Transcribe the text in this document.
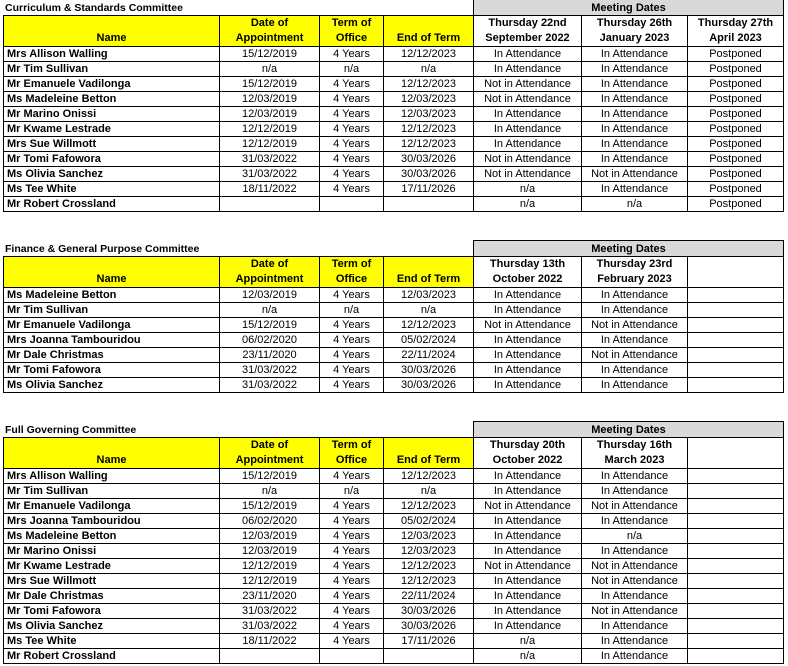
Curriculum & Standards Committee
					Meeting Dates		
	Date of	Term of		Thursday 22nd	Thursday 26th	Thursday 27th
Name	Appointment	Office	End of Term	September 2022	January 2023	April 2023
Mrs Allison Walling	15/12/2019	4 Years	12/12/2023	In Attendance	In Attendance	Postponed
Mr Tim Sullivan	n/a	n/a	n/a	In Attendance	In Attendance	Postponed
Mr Emanuele Vadilonga	15/12/2019	4 Years	12/12/2023	Not in Attendance	In Attendance	Postponed
Ms Madeleine Betton	12/03/2019	4 Years	12/03/2023	Not in Attendance	In Attendance	Postponed
Mr Marino Onissi	12/03/2019	4 Years	12/03/2023	In Attendance	In Attendance	Postponed
Mr Kwame Lestrade	12/12/2019	4 Years	12/12/2023	In Attendance	In Attendance	Postponed
Mrs Sue Willmott	12/12/2019	4 Years	12/12/2023	In Attendance	In Attendance	Postponed
Mr Tomi Fafowora	31/03/2022	4 Years	30/03/2026	Not in Attendance	In Attendance	Postponed
Ms Olivia Sanchez	31/03/2022	4 Years	30/03/2026	Not in Attendance	Not in Attendance	Postponed
Ms Tee White	18/11/2022	4 Years	17/11/2026	n/a	In Attendance	Postponed
Mr Robert Crossland				n/a	n/a	Postponed
Finance & General Purpose Committee
					Meeting Dates		
	Date of	Term of		Thursday 13th	Thursday 23rd	
Name	Appointment	Office	End of Term	October 2022	February 2023	
Ms Madeleine Betton	12/03/2019	4 Years	12/03/2023	In Attendance	In Attendance	
Mr Tim Sullivan	n/a	n/a	n/a	In Attendance	In Attendance	
Mr Emanuele Vadilonga	15/12/2019	4 Years	12/12/2023	Not in Attendance	Not in Attendance	
Mrs Joanna Tambouridou	06/02/2020	4 Years	05/02/2024	In Attendance	In Attendance	
Mr Dale Christmas	23/11/2020	4 Years	22/11/2024	In Attendance	Not in Attendance	
Mr Tomi Fafowora	31/03/2022	4 Years	30/03/2026	In Attendance	In Attendance	
Ms Olivia Sanchez	31/03/2022	4 Years	30/03/2026	In Attendance	In Attendance	
Full Governing Committee
					Meeting Dates		
	Date of	Term of		Thursday 20th	Thursday 16th	
Name	Appointment	Office	End of Term	October 2022	March 2023	
Mrs Allison Walling	15/12/2019	4 Years	12/12/2023	In Attendance	In Attendance	
Mr Tim Sullivan	n/a	n/a	n/a	In Attendance	In Attendance	
Mr Emanuele Vadilonga	15/12/2019	4 Years	12/12/2023	Not in Attendance	Not in Attendance	
Mrs Joanna Tambouridou	06/02/2020	4 Years	05/02/2024	In Attendance	In Attendance	
Ms Madeleine Betton	12/03/2019	4 Years	12/03/2023	In Attendance	n/a	
Mr Marino Onissi	12/03/2019	4 Years	12/03/2023	In Attendance	In Attendance	
Mr Kwame Lestrade	12/12/2019	4 Years	12/12/2023	Not in Attendance	Not in Attendance	
Mrs Sue Willmott	12/12/2019	4 Years	12/12/2023	In Attendance	Not in Attendance	
Mr Dale Christmas	23/11/2020	4 Years	22/11/2024	In Attendance	In Attendance	
Mr Tomi Fafowora	31/03/2022	4 Years	30/03/2026	In Attendance	Not in Attendance	
Ms Olivia Sanchez	31/03/2022	4 Years	30/03/2026	In Attendance	In Attendance	
Ms Tee White	18/11/2022	4 Years	17/11/2026	n/a	In Attendance	
Mr Robert Crossland				n/a	In Attendance	
